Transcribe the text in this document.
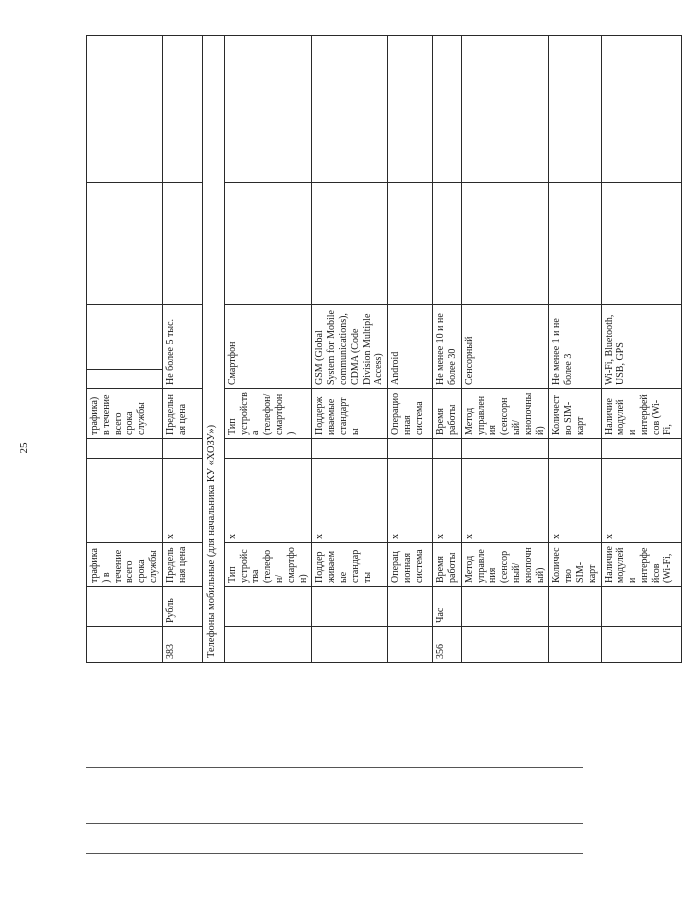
25
		трафика) в течение всего срока службы			трафика) в течение всего срока службы				
383	Рубль	Предельная цена	x		Предельная цена	Не более 5 тыс.			
Телефоны мобильные (для начальника КУ «ХОЗУ»)									
		Тип устройства (телефон/смартфон)	x		Тип устройства (телефон/смартфон)	Смартфон			
		Поддерживаемые стандарты	x		Поддерживаемые стандарты	GSM (Global System for Mobile communications), CDMA (Code Division Multiple Access)			
		Операционная система	x		Операционная система	Android			
356	Час	Время работы	x		Время работы	Не менее 10 и не более 30			
		Метод управления (сенсорный/кнопочный)	x		Метод управления (сенсорный/кнопочный)	Сенсорный			
		Количество SIM-карт	x		Количество SIM-карт	Не менее 1 и не более 3			
		Наличие модулей и интерфейсов (Wi-Fi,	x		Наличие модулей и интерфейсов (Wi-Fi,	Wi-Fi, Bluetooth, USB, GPS			
